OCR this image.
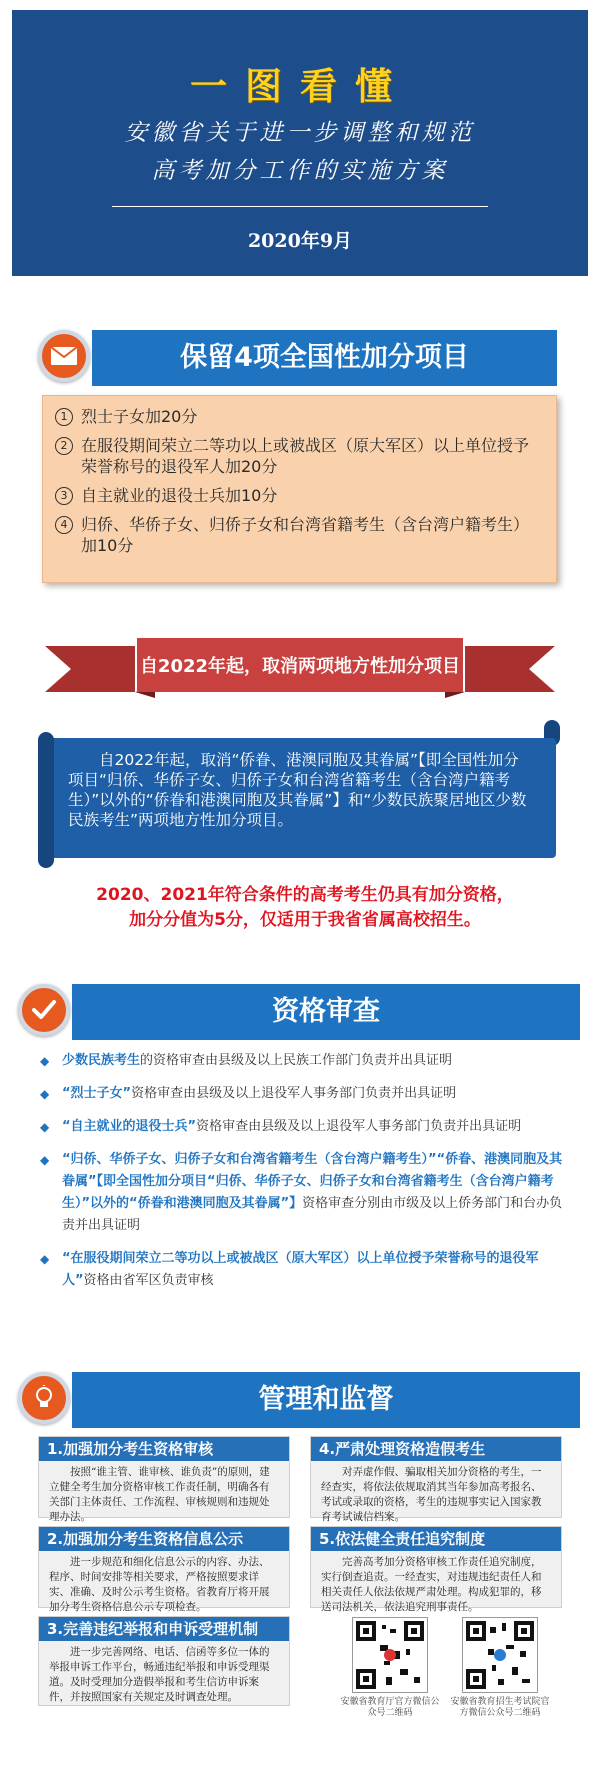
一图看懂
安徽省关于进一步调整和规范
高考加分工作的实施方案
2020年9月
保留4项全国性加分项目
1 烈士子女加20分
2 在服役期间荣立二等功以上或被战区（原大军区）以上单位授予荣誉称号的退役军人加20分
3 自主就业的退役士兵加10分
4 归侨、华侨子女、归侨子女和台湾省籍考生（含台湾户籍考生）加10分
自2022年起，取消两项地方性加分项目
自2022年起，取消“侨眷、港澳同胞及其眷属”【即全国性加分项目“归侨、华侨子女、归侨子女和台湾省籍考生（含台湾户籍考生）”以外的“侨眷和港澳同胞及其眷属”】和“少数民族聚居地区少数民族考生”两项地方性加分项目。
2020、2021年符合条件的高考考生仍具有加分资格，
加分分值为5分，仅适用于我省省属高校招生。
资格审查
◆ 少数民族考生的资格审查由县级及以上民族工作部门负责并出具证明
◆ “烈士子女”资格审查由县级及以上退役军人事务部门负责并出具证明
◆ “自主就业的退役士兵”资格审查由县级及以上退役军人事务部门负责并出具证明
◆ “归侨、华侨子女、归侨子女和台湾省籍考生（含台湾户籍考生）”“侨眷、港澳同胞及其眷属”【即全国性加分项目“归侨、华侨子女、归侨子女和台湾省籍考生（含台湾户籍考生）”以外的“侨眷和港澳同胞及其眷属”】资格审查分别由市级及以上侨务部门和台办负责并出具证明
◆ “在服役期间荣立二等功以上或被战区（原大军区）以上单位授予荣誉称号的退役军人”资格由省军区负责审核
管理和监督
1.加强加分考生资格审核
按照“谁主管、谁审核、谁负责”的原则，建立健全考生加分资格审核工作责任制，明确各有关部门主体责任、工作流程、审核规则和违规处理办法。
4.严肃处理资格造假考生
对弄虚作假、骗取相关加分资格的考生，一经查实，将依法依规取消其当年参加高考报名、考试或录取的资格，考生的违规事实记入国家教育考试诚信档案。
2.加强加分考生资格信息公示
进一步规范和细化信息公示的内容、办法、程序、时间安排等相关要求，严格按照要求详实、准确、及时公示考生资格。省教育厅将开展加分考生资格信息公示专项检查。
5.依法健全责任追究制度
完善高考加分资格审核工作责任追究制度，实行倒查追责。一经查实，对违规违纪责任人和相关责任人依法依规严肃处理。构成犯罪的，移送司法机关，依法追究刑事责任。
3.完善违纪举报和申诉受理机制
进一步完善网络、电话、信函等多位一体的举报申诉工作平台，畅通违纪举报和申诉受理渠道。及时受理加分造假举报和考生信访申诉案件，并按照国家有关规定及时调查处理。	安徽省教育厅官方微信公众号二维码
安徽省教育招生考试院官方微信公众号二维码
